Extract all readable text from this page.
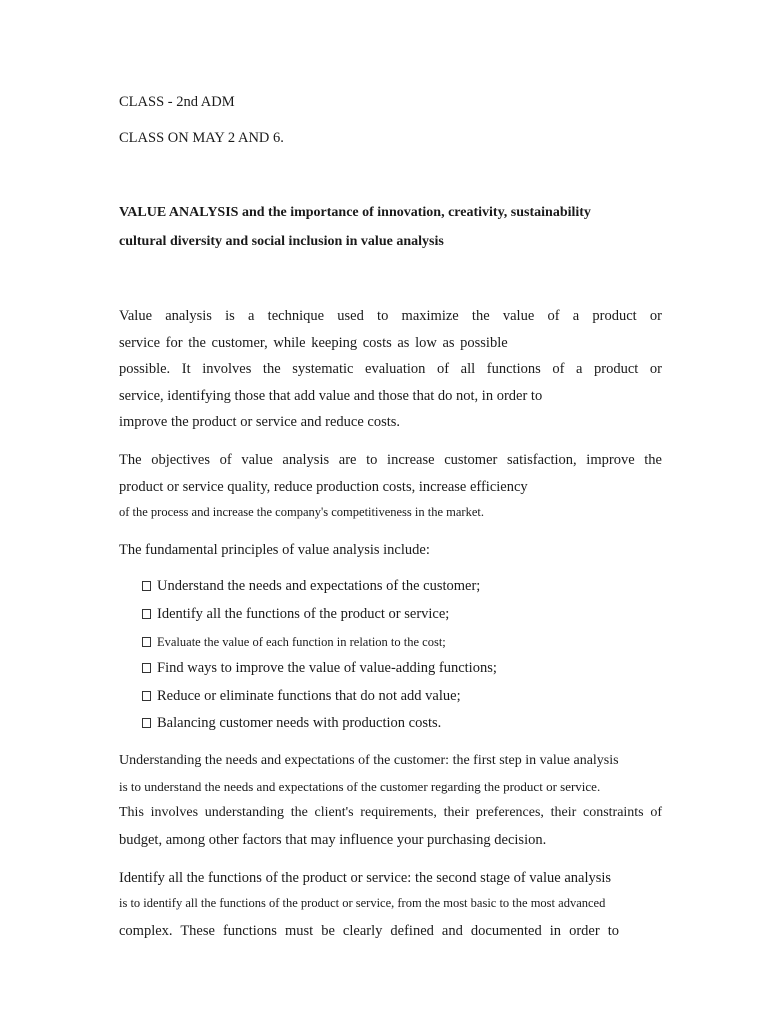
CLASS - 2nd ADM
CLASS ON MAY 2 AND 6.
VALUE ANALYSIS and the importance of innovation, creativity, sustainability
cultural diversity and social inclusion in value analysis
Value analysis is a technique used to maximize the value of a product or
service for the customer, while keeping costs as low as possible
possible. It involves the systematic evaluation of all functions of a product or
service, identifying those that add value and those that do not, in order to
improve the product or service and reduce costs.
The objectives of value analysis are to increase customer satisfaction, improve the
product or service quality, reduce production costs, increase efficiency
of the process and increase the company's competitiveness in the market.
The fundamental principles of value analysis include:
Understand the needs and expectations of the customer;
Identify all the functions of the product or service;
Evaluate the value of each function in relation to the cost;
Find ways to improve the value of value-adding functions;
Reduce or eliminate functions that do not add value;
Balancing customer needs with production costs.
Understanding the needs and expectations of the customer: the first step in value analysis
is to understand the needs and expectations of the customer regarding the product or service.
This involves understanding the client's requirements, their preferences, their constraints of
budget, among other factors that may influence your purchasing decision.
Identify all the functions of the product or service: the second stage of value analysis
is to identify all the functions of the product or service, from the most basic to the most advanced
complex. These functions must be clearly defined and documented in order to
